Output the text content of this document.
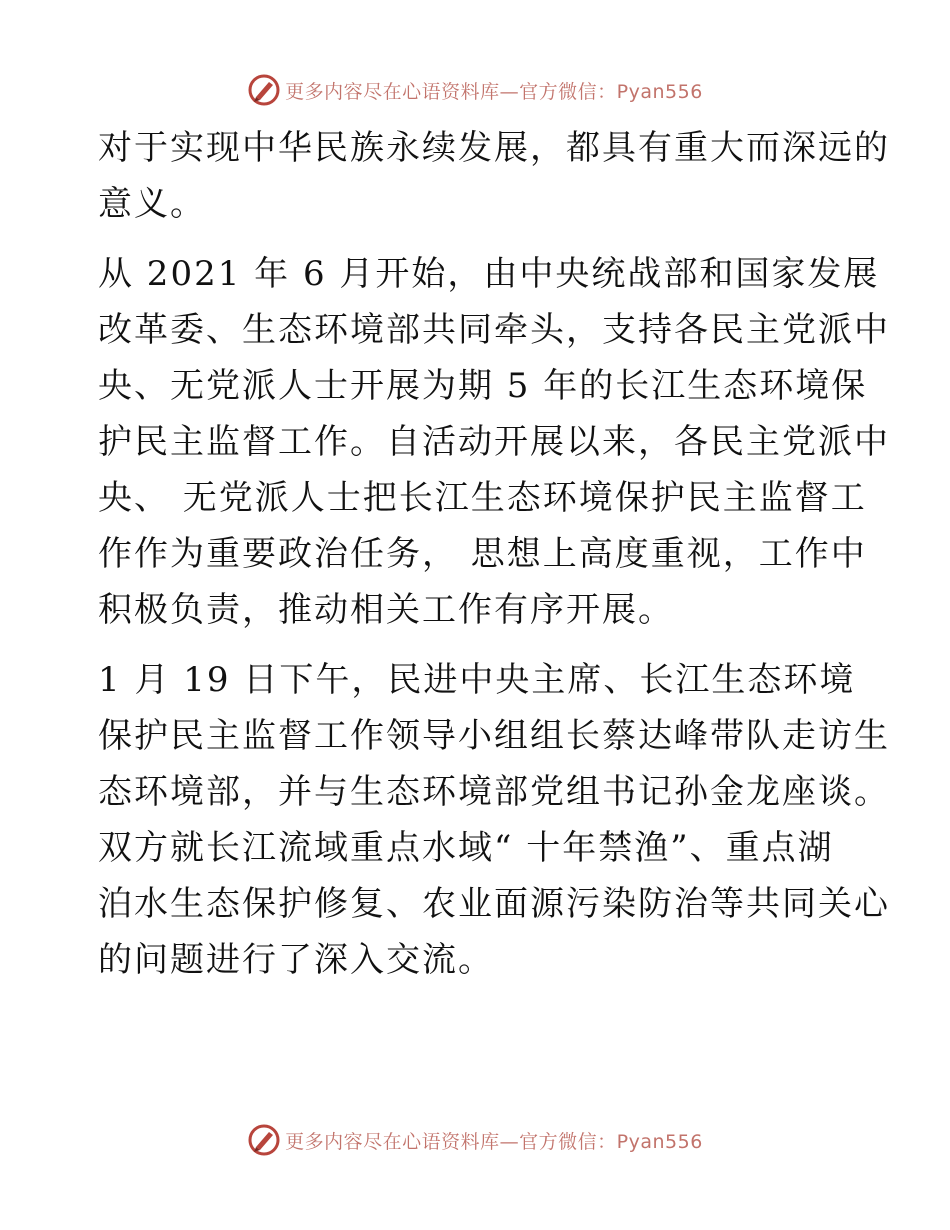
更多内容尽在心语资料库—官方微信：Pyan556
对于实现中华民族永续发展，都具有重大而深远的
意义。
从 2021 年 6 月开始，由中央统战部和国家发展
改革委、生态环境部共同牵头，支持各民主党派中
央、无党派人士开展为期 5 年的长江生态环境保
护民主监督工作。自活动开展以来，各民主党派中
央、 无党派人士把长江生态环境保护民主监督工
作作为重要政治任务， 思想上高度重视，工作中
积极负责，推动相关工作有序开展。
1 月 19 日下午，民进中央主席、长江生态环境
保护民主监督工作领导小组组长蔡达峰带队走访生
态环境部，并与生态环境部党组书记孙金龙座谈。
双方就长江流域重点水域“ 十年禁渔”、重点湖
泊水生态保护修复、农业面源污染防治等共同关心
的问题进行了深入交流。
更多内容尽在心语资料库—官方微信：Pyan556
